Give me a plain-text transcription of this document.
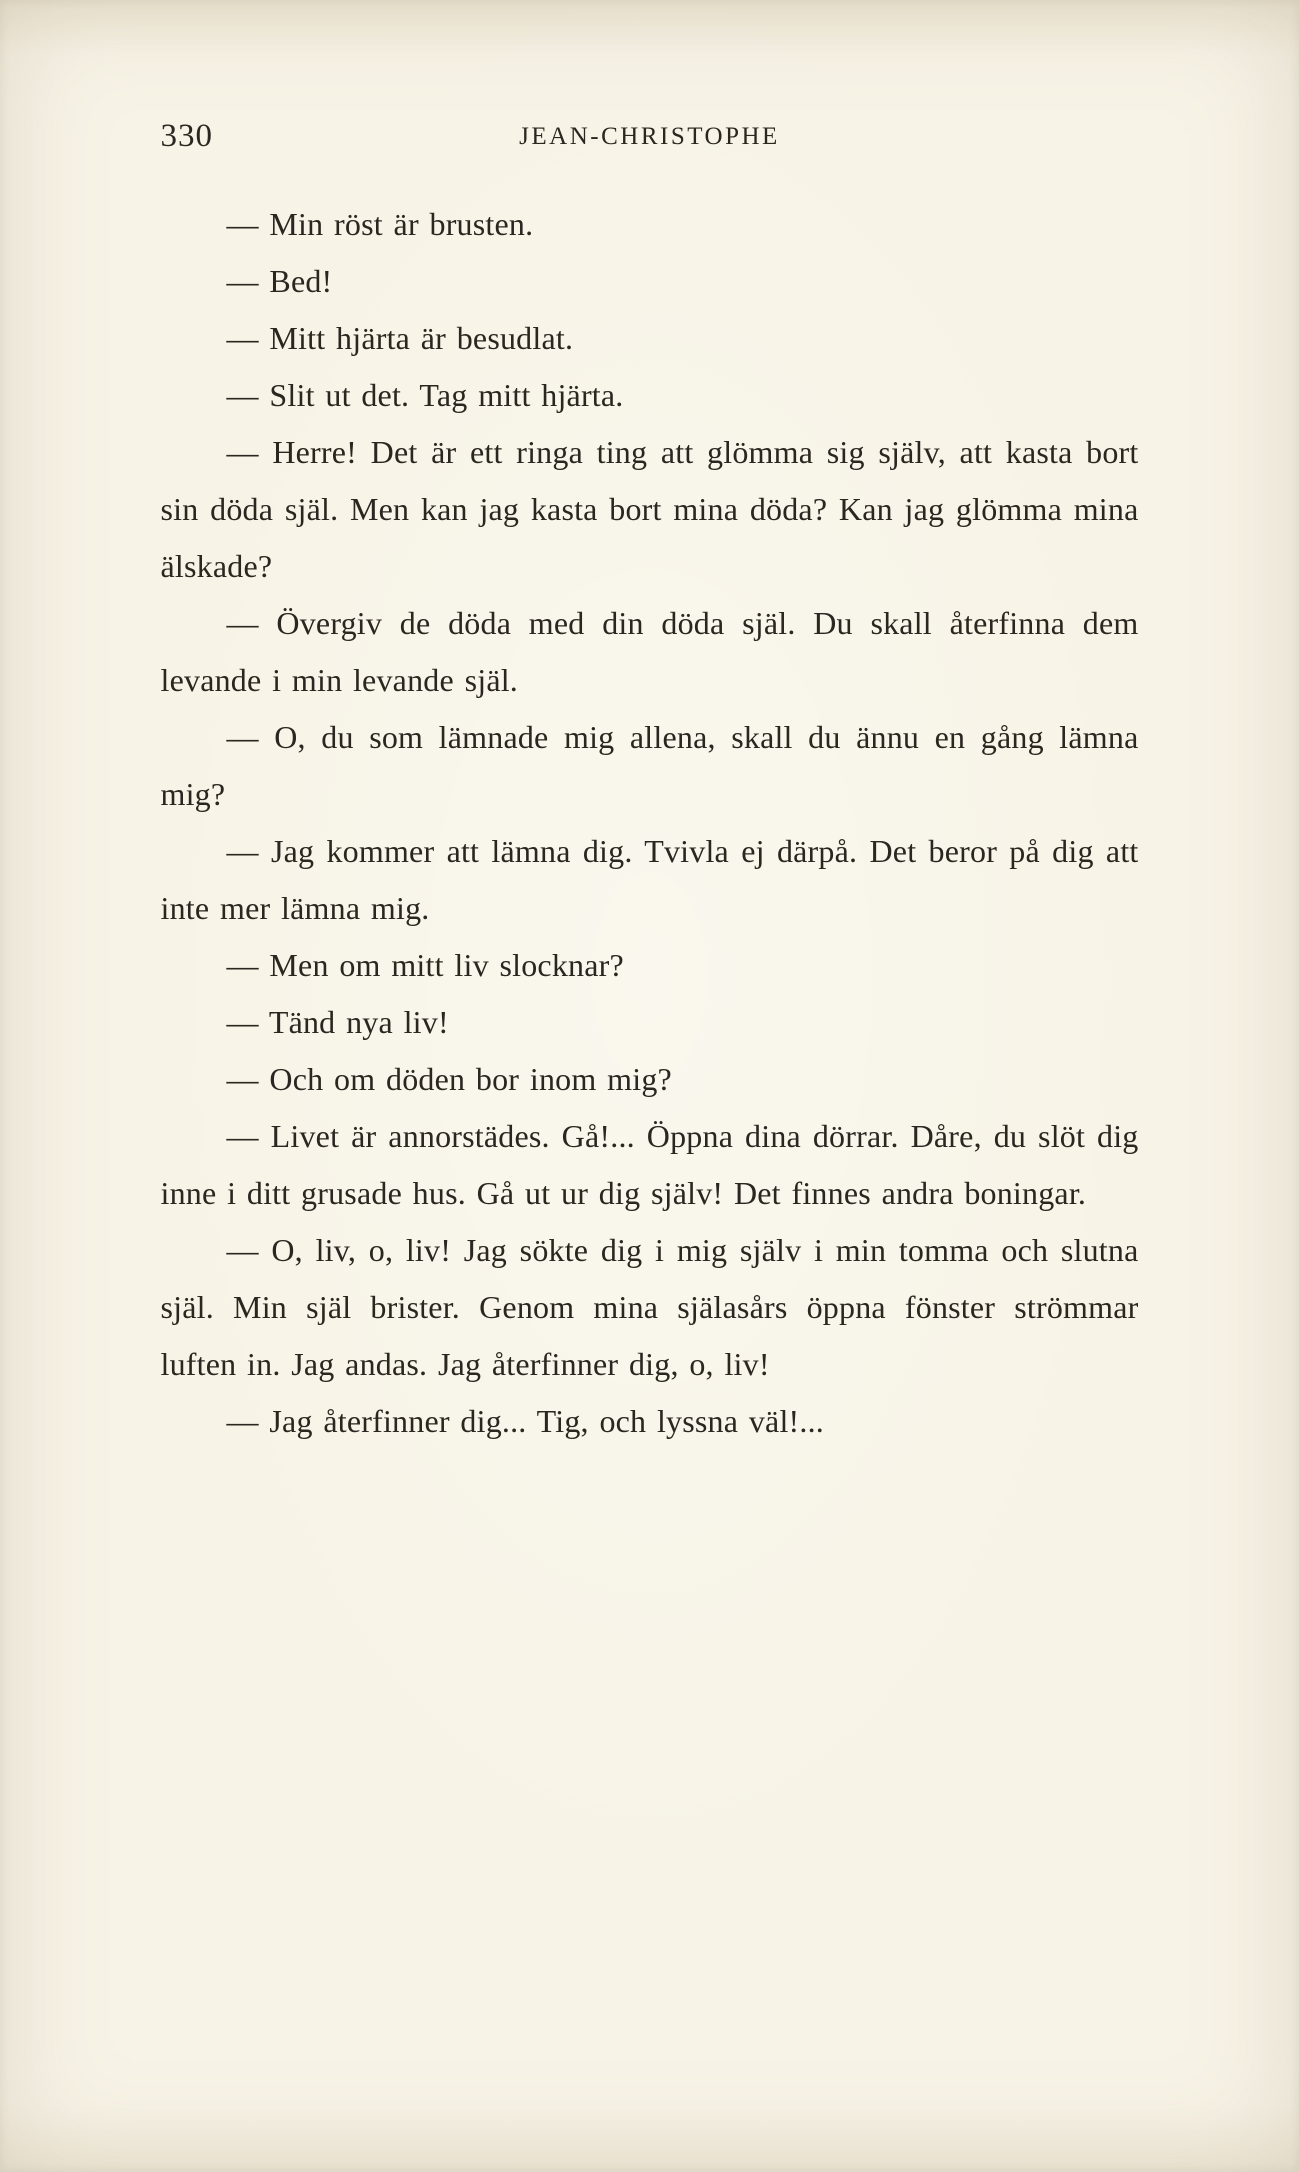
330	JEAN-CHRISTOPHE

— Min röst är brusten.

— Bed!

— Mitt hjärta är besudlat.

— Slit ut det. Tag mitt hjärta.

— Herre! Det är ett ringa ting att glömma sig själv, att kasta bort sin döda själ. Men kan jag kasta bort mina döda? Kan jag glömma mina älskade?

— Övergiv de döda med din döda själ. Du skall återfinna dem levande i min levande själ.

— O, du som lämnade mig allena, skall du ännu en gång lämna mig?

— Jag kommer att lämna dig. Tvivla ej därpå. Det beror på dig att inte mer lämna mig.

— Men om mitt liv slocknar?

— Tänd nya liv!

— Och om döden bor inom mig?

— Livet är annorstädes. Gå!... Öppna dina dörrar. Dåre, du slöt dig inne i ditt grusade hus. Gå ut ur dig själv! Det finnes andra boningar.

— O, liv, o, liv! Jag sökte dig i mig själv i min tomma och slutna själ. Min själ brister. Genom mina själasårs öppna fönster strömmar luften in. Jag andas. Jag återfinner dig, o, liv!

— Jag återfinner dig... Tig, och lyssna väl!...
